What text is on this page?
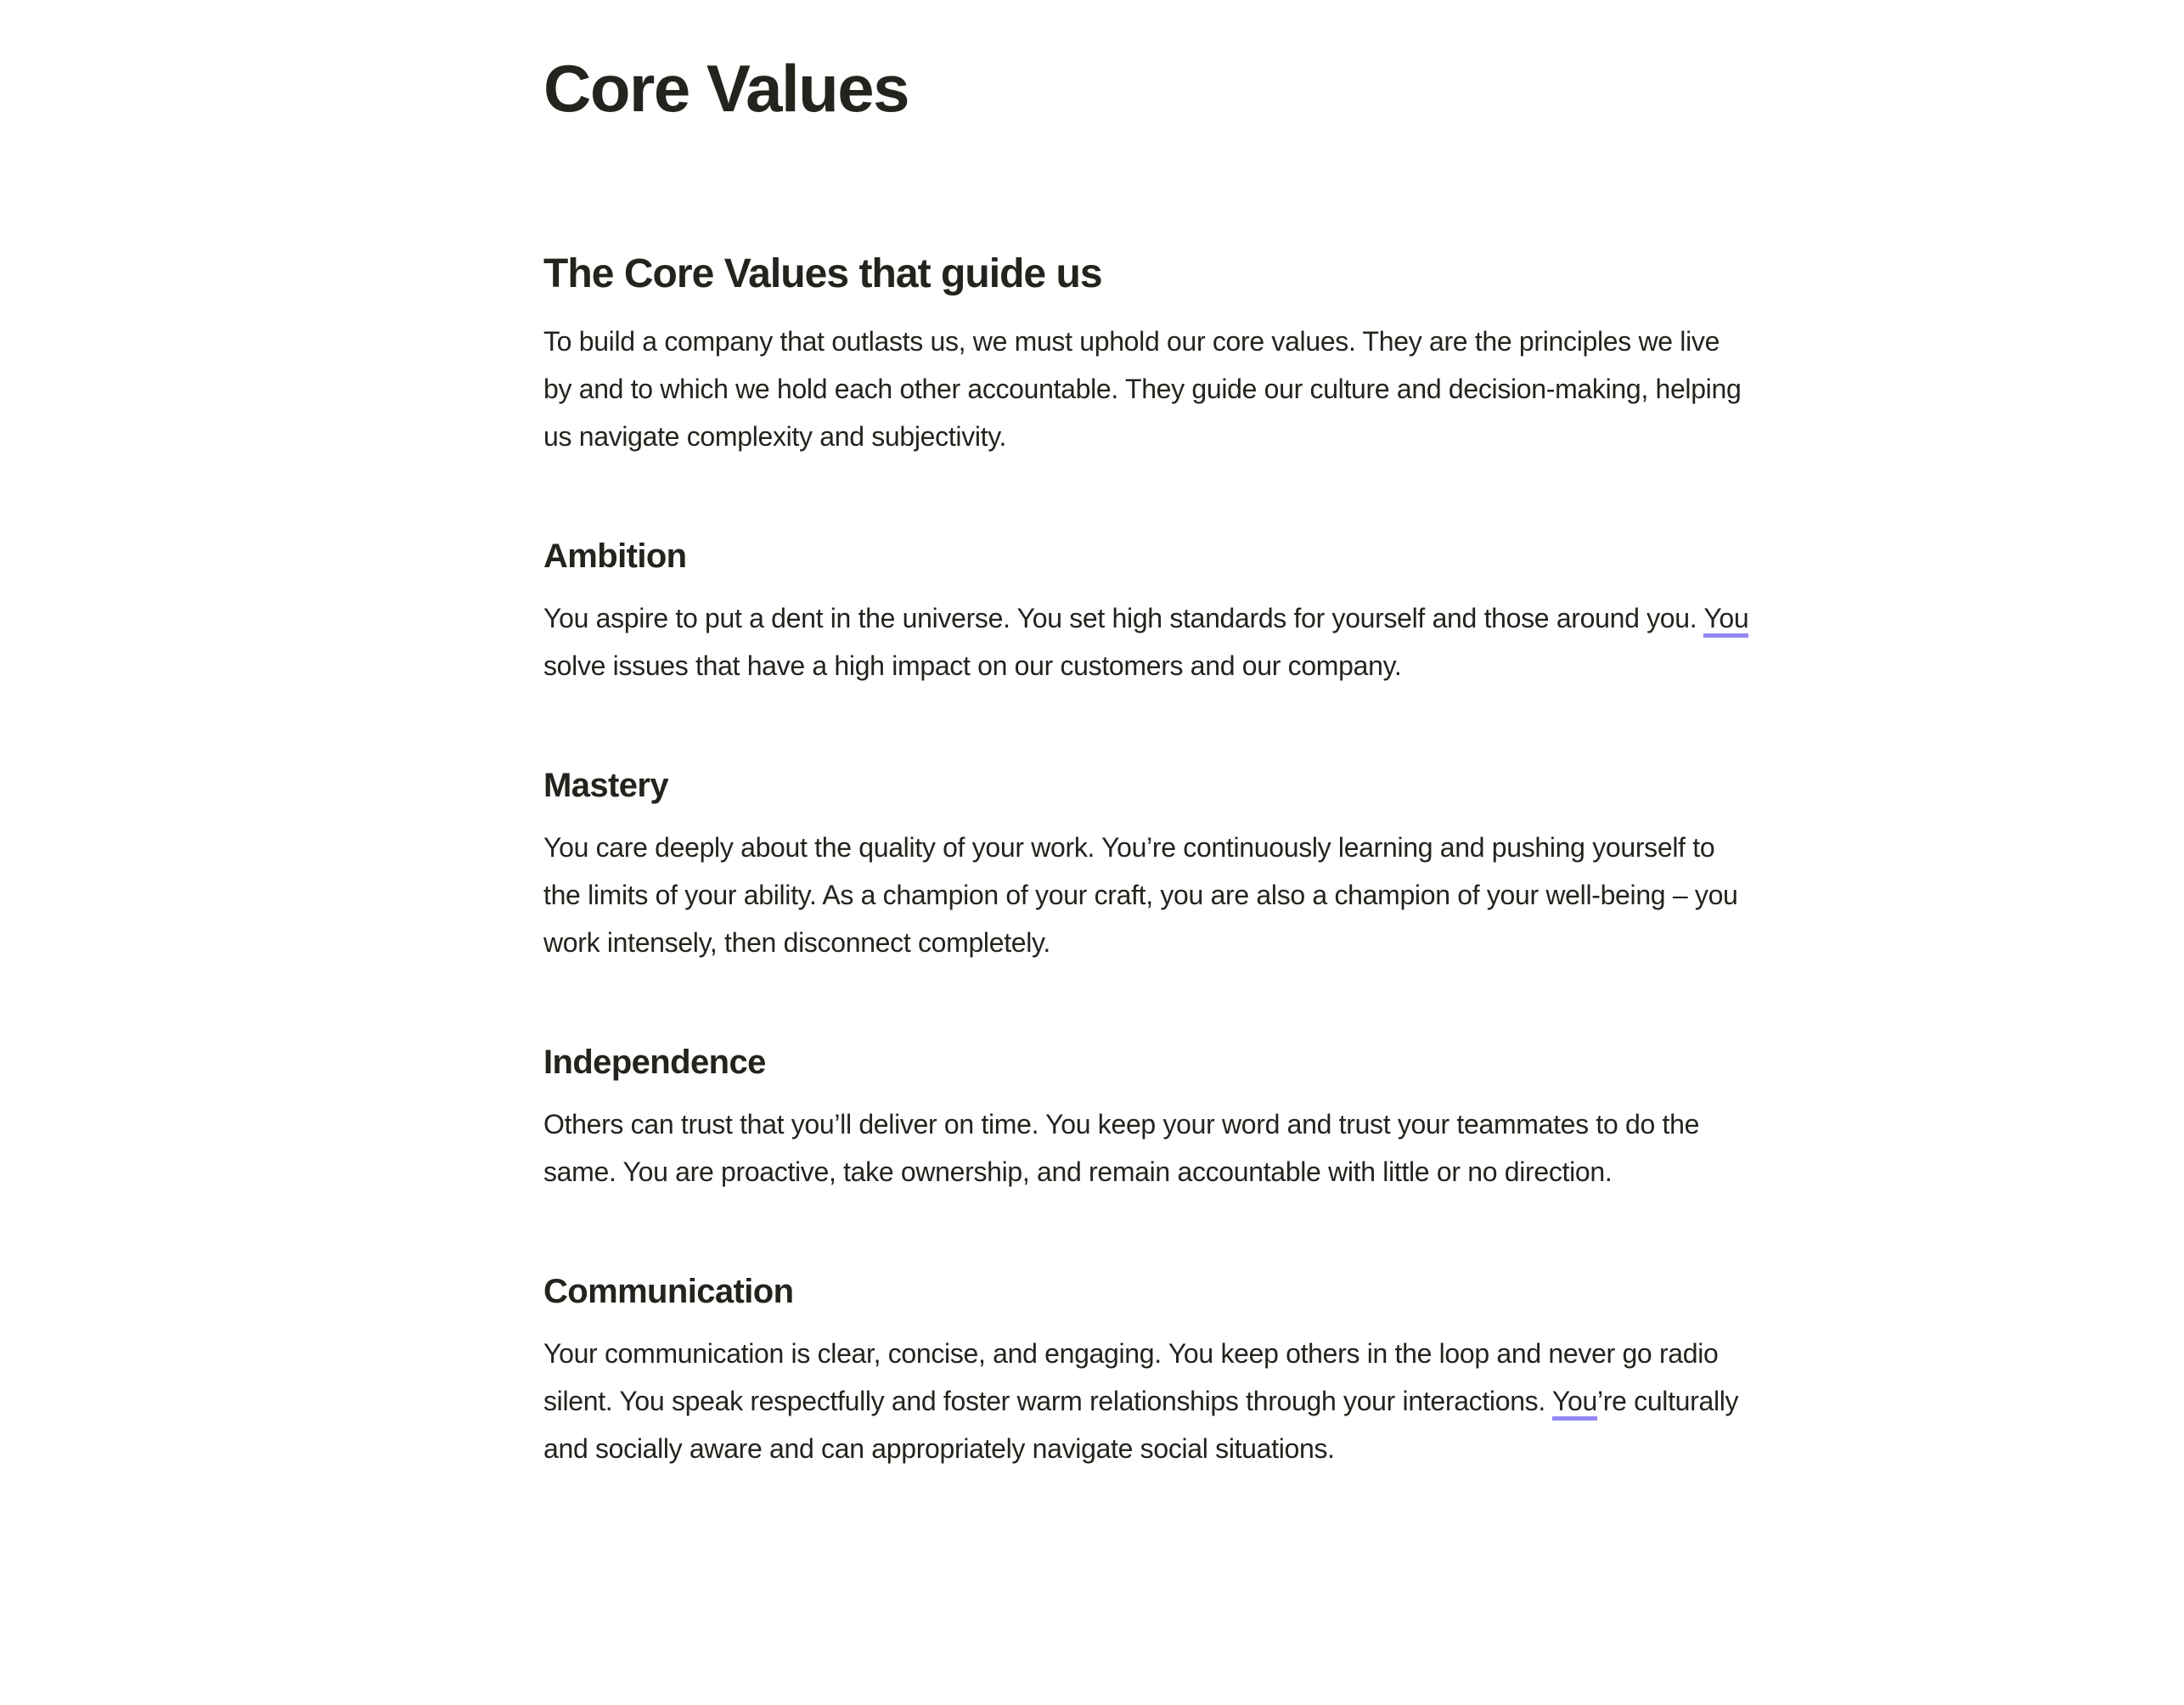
Core Values
The Core Values that guide us

To build a company that outlasts us, we must uphold our core values. They are the principles we live by and to which we hold each other accountable. They guide our culture and decision-making, helping us navigate complexity and subjectivity.

Ambition

You aspire to put a dent in the universe. You set high standards for yourself and those around you. You solve issues that have a high impact on our customers and our company.

Mastery

You care deeply about the quality of your work. You’re continuously learning and pushing yourself to the limits of your ability. As a champion of your craft, you are also a champion of your well-being – you work intensely, then disconnect completely.

Independence

Others can trust that you’ll deliver on time. You keep your word and trust your teammates to do the same. You are proactive, take ownership, and remain accountable with little or no direction.

Communication

Your communication is clear, concise, and engaging. You keep others in the loop and never go radio silent. You speak respectfully and foster warm relationships through your interactions. You’re culturally and socially aware and can appropriately navigate social situations.
